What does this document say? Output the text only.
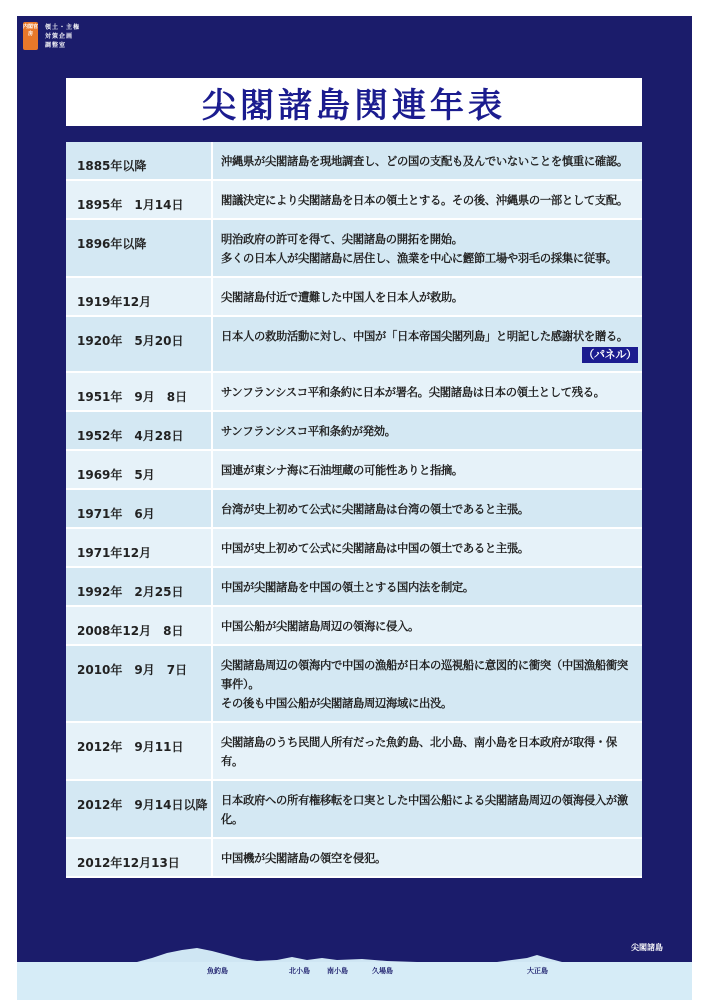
内閣官房
領土・主権
対策企画
調整室
尖閣諸島関連年表
1885年以降	沖縄県が尖閣諸島を現地調査し、どの国の支配も及んでいないことを慎重に確認。
1895年　1月14日	閣議決定により尖閣諸島を日本の領土とする。その後、沖縄県の一部として支配。
1896年以降	明治政府の許可を得て、尖閣諸島の開拓を開始。
多くの日本人が尖閣諸島に居住し、漁業を中心に鰹節工場や羽毛の採集に従事。
1919年12月	尖閣諸島付近で遭難した中国人を日本人が救助。
1920年　5月20日	日本人の救助活動に対し、中国が「日本帝国尖閣列島」と明記した感謝状を贈る。
（パネル）
1951年　9月　8日	サンフランシスコ平和条約に日本が署名。尖閣諸島は日本の領土として残る。
1952年　4月28日	サンフランシスコ平和条約が発効。
1969年　5月	国連が東シナ海に石油埋蔵の可能性ありと指摘。
1971年　6月	台湾が史上初めて公式に尖閣諸島は台湾の領土であると主張。
1971年12月	中国が史上初めて公式に尖閣諸島は中国の領土であると主張。
1992年　2月25日	中国が尖閣諸島を中国の領土とする国内法を制定。
2008年12月　8日	中国公船が尖閣諸島周辺の領海に侵入。
2010年　9月　7日	尖閣諸島周辺の領海内で中国の漁船が日本の巡視船に意図的に衝突（中国漁船衝突事件）。
その後も中国公船が尖閣諸島周辺海域に出没。
2012年　9月11日	尖閣諸島のうち民間人所有だった魚釣島、北小島、南小島を日本政府が取得・保有。
2012年　9月14日以降	日本政府への所有権移転を口実とした中国公船による尖閣諸島周辺の領海侵入が激化。
2012年12月13日	中国機が尖閣諸島の領空を侵犯。
尖閣諸島
魚釣島	北小島 南小島	久場島	大正島
